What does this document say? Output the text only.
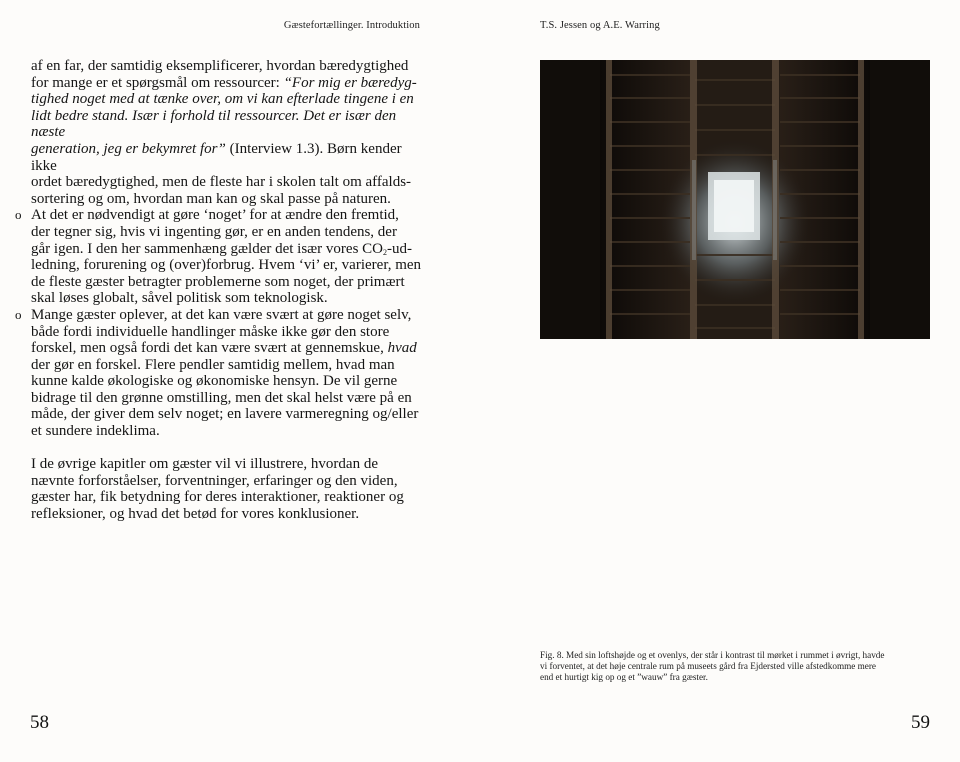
Gæstefortællinger. Introduktion	T.S. Jessen og A.E. Warring

af en far, der samtidig eksemplificerer, hvordan bæredygtighed
for mange er et spørgsmål om ressourcer: “For mig er bæredyg-
tighed noget med at tænke over, om vi kan efterlade tingene i en
lidt bedre stand. Især i forhold til ressourcer. Det er især den næste
generation, jeg er bekymret for” (Interview 1.3). Børn kender ikke
ordet bæredygtighed, men de fleste har i skolen talt om affalds-
sortering og om, hvordan man kan og skal passe på naturen.

o At det er nødvendigt at gøre ‘noget’ for at ændre den fremtid,
der tegner sig, hvis vi ingenting gør, er en anden tendens, der
går igen. I den her sammenhæng gælder det især vores $CO_2-ud-$
ledning, forurening og (over)forbrug. Hvem ‘vi’ er, varierer, men
de fleste gæster betragter problemerne som noget, der primært
skal løses globalt, såvel politisk som teknologisk.

o Mange gæster oplever, at det kan være svært at gøre noget selv,
både fordi individuelle handlinger måske ikke gør den store
forskel, men også fordi det kan være svært at gennemskue, hvad
der gør en forskel. Flere pendler samtidig mellem, hvad man
kunne kalde økologiske og økonomiske hensyn. De vil gerne
bidrage til den grønne omstilling, men det skal helst være på en
måde, der giver dem selv noget; en lavere varmeregning og/eller
et sundere indeklima.

I de øvrige kapitler om gæster vil vi illustrere, hvordan de
nævnte forforståelser, forventninger, erfaringer og den viden,
gæster har, fik betydning for deres interaktioner, reaktioner og
refleksioner, og hvad det betød for vores konklusioner.

Fig. 8. Med sin loftshøjde og et ovenlys, der står i kontrast til mørket i rummet i øvrigt, havde
vi forventet, at det høje centrale rum på museets gård fra Ejdersted ville afstedkomme mere
end et hurtigt kig op og et ”wauw” fra gæster.
58	59
